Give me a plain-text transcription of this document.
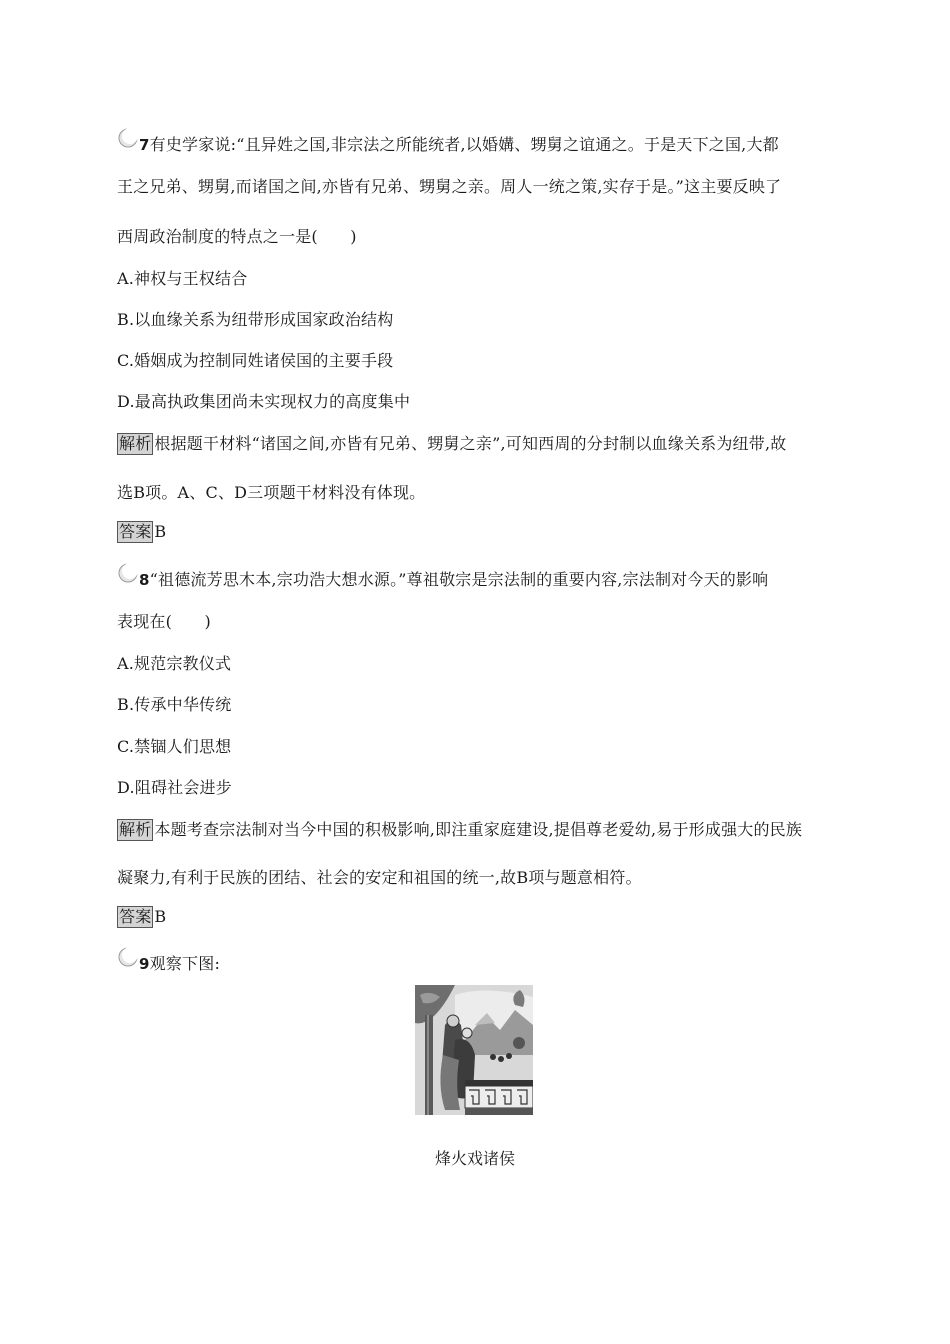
7有史学家说:“且异姓之国,非宗法之所能统者,以婚媾、甥舅之谊通之。于是天下之国,大都
王之兄弟、甥舅,而诸国之间,亦皆有兄弟、甥舅之亲。周人一统之策,实存于是。”这主要反映了
西周政治制度的特点之一是(　　)
A.神权与王权结合
B.以血缘关系为纽带形成国家政治结构
C.婚姻成为控制同姓诸侯国的主要手段
D.最高执政集团尚未实现权力的高度集中
解析 根据题干材料“诸国之间,亦皆有兄弟、甥舅之亲”,可知西周的分封制以血缘关系为纽带,故
选B项。A、C、D三项题干材料没有体现。
答案 B
8“祖德流芳思木本,宗功浩大想水源。”尊祖敬宗是宗法制的重要内容,宗法制对今天的影响
表现在(　　)
A.规范宗教仪式
B.传承中华传统
C.禁锢人们思想
D.阻碍社会进步
解析 本题考查宗法制对当今中国的积极影响,即注重家庭建设,提倡尊老爱幼,易于形成强大的民族
凝聚力,有利于民族的团结、社会的安定和祖国的统一,故B项与题意相符。
答案 B
9观察下图:
烽火戏诸侯
